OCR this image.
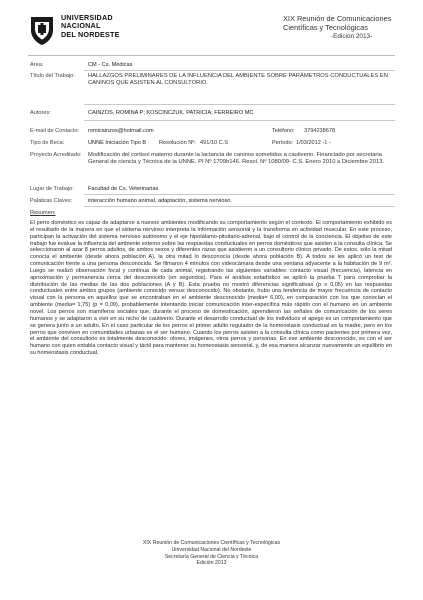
UNIVERSIDAD
NACIONAL
DEL NORDESTE
XIX Reunión de Comunicaciones
Científicas y Tecnológicas
-Edición 2013-
Area:	CM - Cs. Médicas
Título del Trabajo: HALLAZGOS PRELIMINARES DE LA INFLUENCIA DEL AMBIENTE SOBRE PARÁMETROS CONDUCTUALES EN CANINOS QUE ASISTEN AL CONSULTORIO.
Autores:	CAINZOS, ROMINA P; KOSCINCZUK, PATRICIA; FERREIRO MC
E-mail de Contacto: romicainzos@hotmail.com	Teléfono: 3794238678
Tipo de Beca:	UNNE Iniciación Tipo B Resolución Nº: 491/10 C.S	Período: 1/03/2012 -1 -
Proyecto Acreditado: Modificación del cortisol materno durante la lactancia de caninos sometidos a cautiverio. Financiado por secretaria General de ciencia y Técnica de la UNNE. PI Nº 1709b146. Resol. Nº 1080/09- C.S. Enero 2010 a Diciembre 2013.
Lugar de Trabajo:	Facultad de Cs. Veterinarias
Palabras Claves:	interacción humano animal, adaptación, sistema nervioso.
Resumen:
El perro doméstico es capaz de adaptarse a nuevos ambientes modificando su comportamiento según el contexto. El comportamiento exhibido es el resultado de la manera en que el sistema nervioso interpreta la información sensorial y la transforma en actividad muscular. En este proceso, participan la activación del sistema nervioso autónomo y el eje hipotálamo-pituitario-adrenal, bajo el control de la conciencia. El objetivo de este trabajo fue evaluar la influencia del ambiente externo sobre las respuestas conductuales en perros domésticos que asisten a la consulta clínica. Se seleccionaron al azar 8 perros adultos, de ambos sexos y diferentes razas que asistieron a un consultorio clínico privado. De estos, sólo la mitad conocía el ambiente (desde ahora población A), la otra mitad lo desconocía (desde ahora población B). A todos se les aplicó un test de comunicación frente a una persona desconocida. Se filmaron 4 minutos con videocámara desde una ventana adyacente a la habitación de 9 m². Luego se realizó observación focal y continua de cada animal, registrando las siguientes variables: contacto visual (frecuencia), latencia en aproximación y permanencia cerca del desconocido (en segundos). Para el análisis estadístico se aplicó la prueba T para comprobar la distribución de las medias de las dos poblaciones (A y B). Esta prueba no mostró diferencias significativas (p ≥ 0,05) en las respuestas conductuales entre ambos grupos (ambiente conocido versus desconocido). No obstante, hubo una tendencia de mayor frecuencia de contacto visual con la persona en aquellos que se encontraban en el ambiente desconocido (media= 6,00), en comparación con los que conocían el ambiente (media= 1,75) (p = 0,09), probablemente intentando iniciar comunicación inter-específica más rápido con el humano en un ambiente novel. Los perros son mamíferos sociales que, durante el proceso de domesticación, aprendieron las señales de comunicación de los seres humanos y se adaptaron a vivir en su nicho de cautiverio. Durante el desarrollo conductual de los individuos el apego es un comportamiento que se genera junto a un adulto. En el caso particular de los perros el primer adulto regulador de la homeostasis conductual es la madre, pero en los perros que conviven en comunidades urbanas es el ser humano. Cuando los perros asisten a la consulta clínica como pacientes por primera vez, el ambiente del consultorio es totalmente desconocido: olores, imágenes, otros perros y personas. En ese ambiente desconocido, es con el ser humano con quien entabla contacto visual y táctil para mantener su homeostasis sensorial, y, de esa manera alcanzar nuevamente un equilibrio en su homeostasis conductual.
XIX Reunión de Comunicaciones Científicas y Tecnológicas
Universidad Nacional del Nordeste
Secretaría General de Ciencia y Técnica
Edición 2013
